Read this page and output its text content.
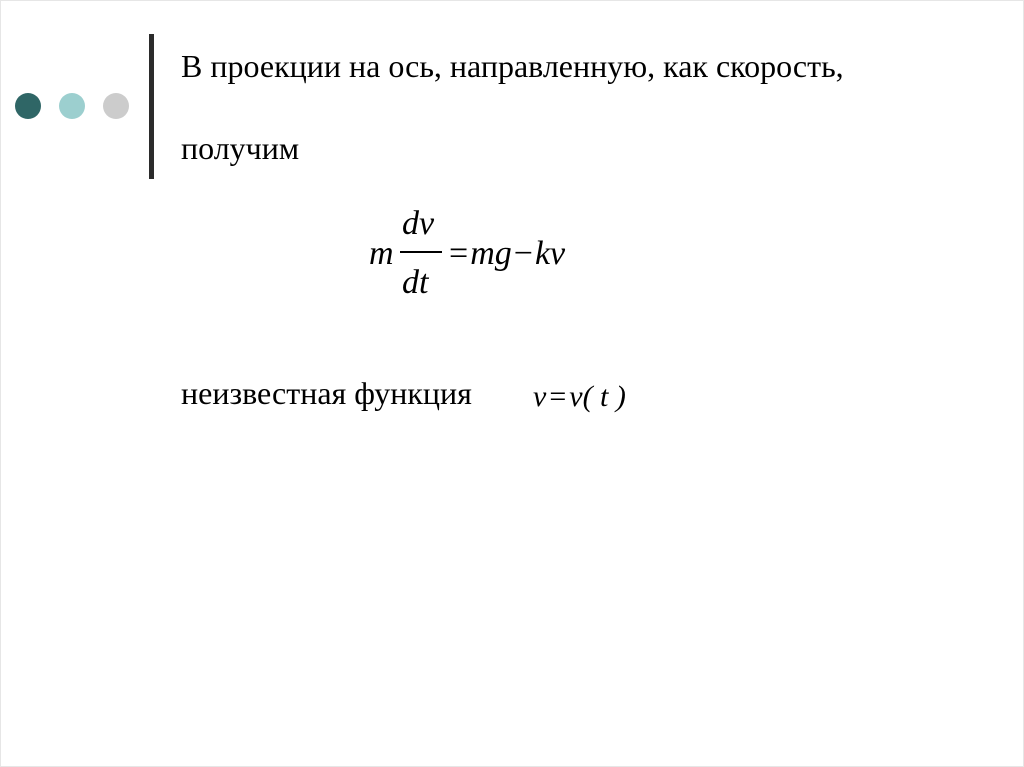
В проекции на ось, направленную, как скорость,
получим
m
dv
dt
=mg−kv
неизвестная функция v = v( t )
